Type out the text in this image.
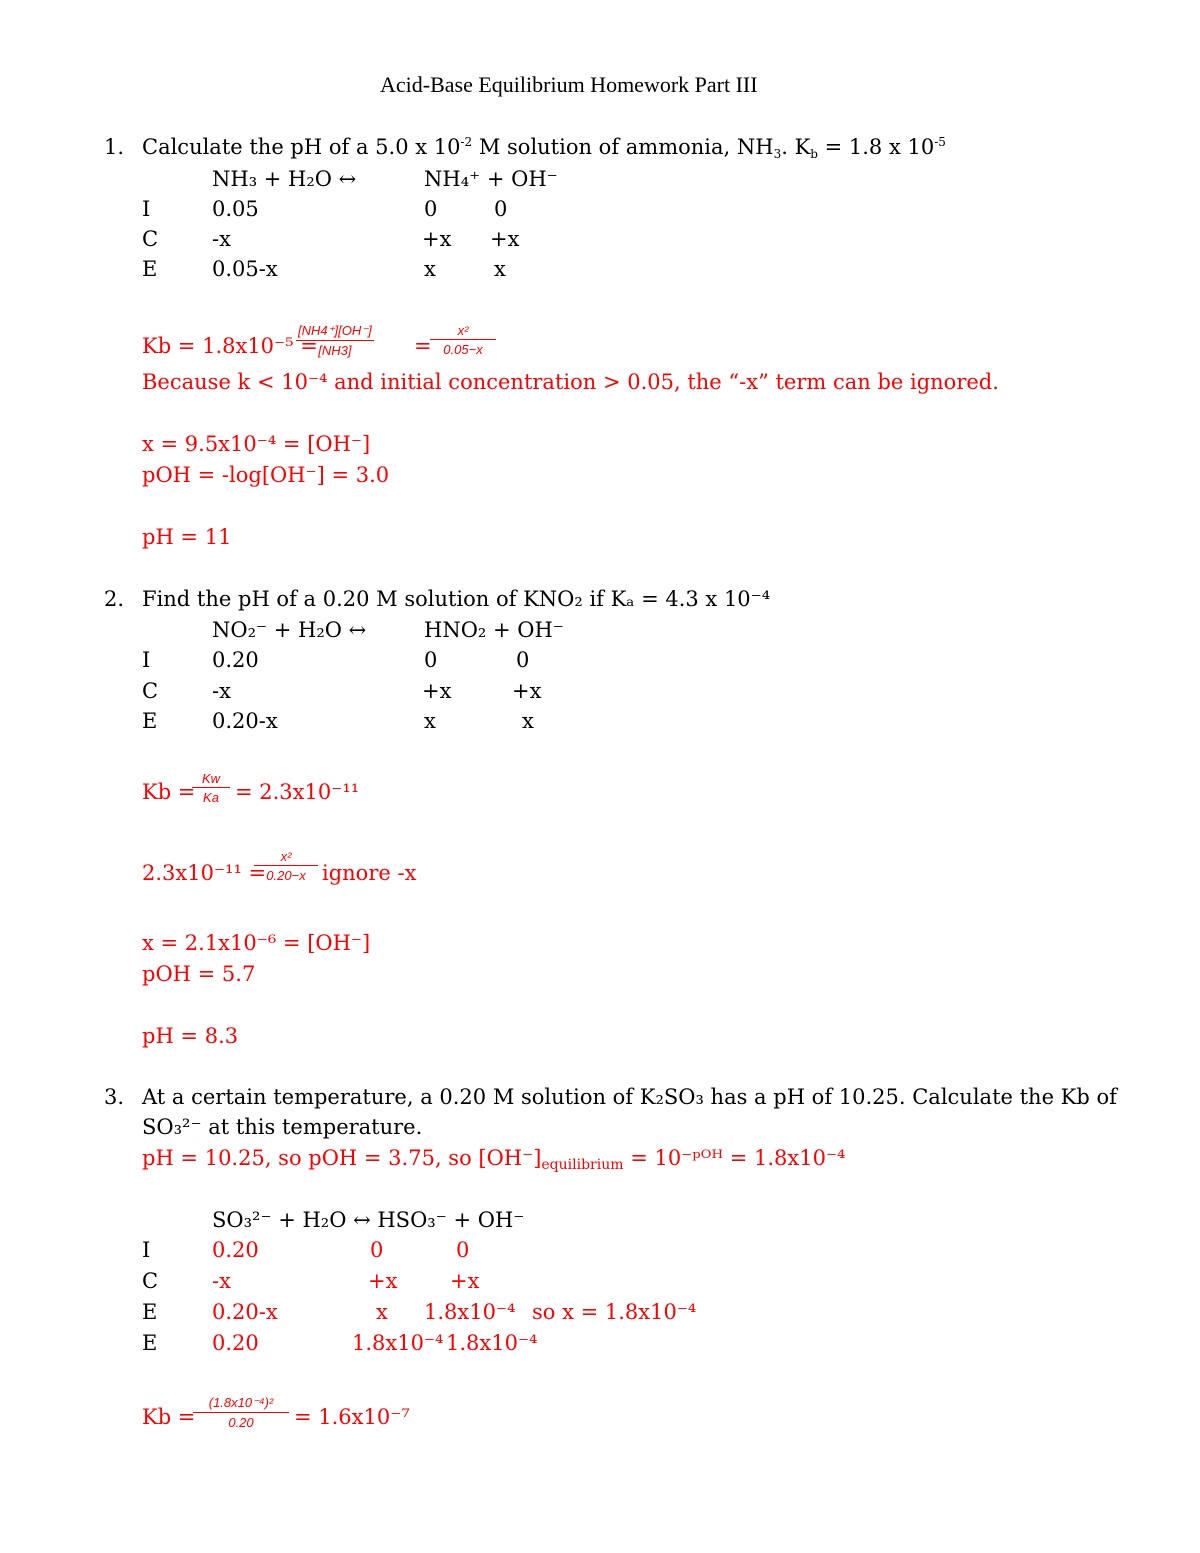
Acid-Base Equilibrium Homework Part III
1. Calculate the pH of a 5.0 x $10^{-2}$ M solution of ammonia, $NH_3$. $K_b = 1.8$ x $10^{-5}$
NH₃ + H₂O ↔	NH₄⁺ + OH⁻
I	0.05	0	0
C	-x	+x +x
E	0.05-x	x	x
Kb = 1.8x10⁻⁵ =
$\frac{[NH4^+][OH^-]}{[NH3]}$ =
$\frac{\text{x²}}{0.05-x}$
Because k < 10⁻⁴ and initial concentration > 0.05, the “-x” term can be ignored.
x = 9.5x10⁻⁴ = [OH⁻]
pOH = -log[OH⁻] = 3.0
pH = 11
2. Find the pH of a 0.20 M solution of KNO₂ if Kₐ = 4.3 x 10⁻⁴
NO₂⁻ + H₂O ↔	HNO₂ + OH⁻
I	0.20	0	0
C	-x	+x	+x
E	0.20-x	x	x
Kb =
$\frac{Kw}{Ka} = 2.3x10^{-11}$
2.3x10⁻¹¹ =
$\frac{\text{x²}}{0.20-x}$ ignore -x
x = 2.1x10⁻⁶ = [OH⁻]
pOH = 5.7
pH = 8.3
3. At a certain temperature, a 0.20 M solution of K₂SO₃ has a pH of 10.25. Calculate the Kb of
SO₃²⁻ at this temperature.
pH = 10.25, so pOH = 3.75, so $[OH^-]_{equilibrium}$ = 10⁻ᵖᴼᴴ = 1.8x10⁻⁴
SO₃²⁻ + H₂O ↔ HSO₃⁻ + OH⁻
I	0.20	0	0
C	-x	+x	+x
E	0.20-x	x 1.8x10⁻⁴ so x = 1.8x10⁻⁴
E	0.20	1.8x10⁻⁴ 1.8x10⁻⁴
Kb =
$\frac{\text{(1.8x10⁻⁴)²}}{0.20} = 1.6x10^{-7}$
